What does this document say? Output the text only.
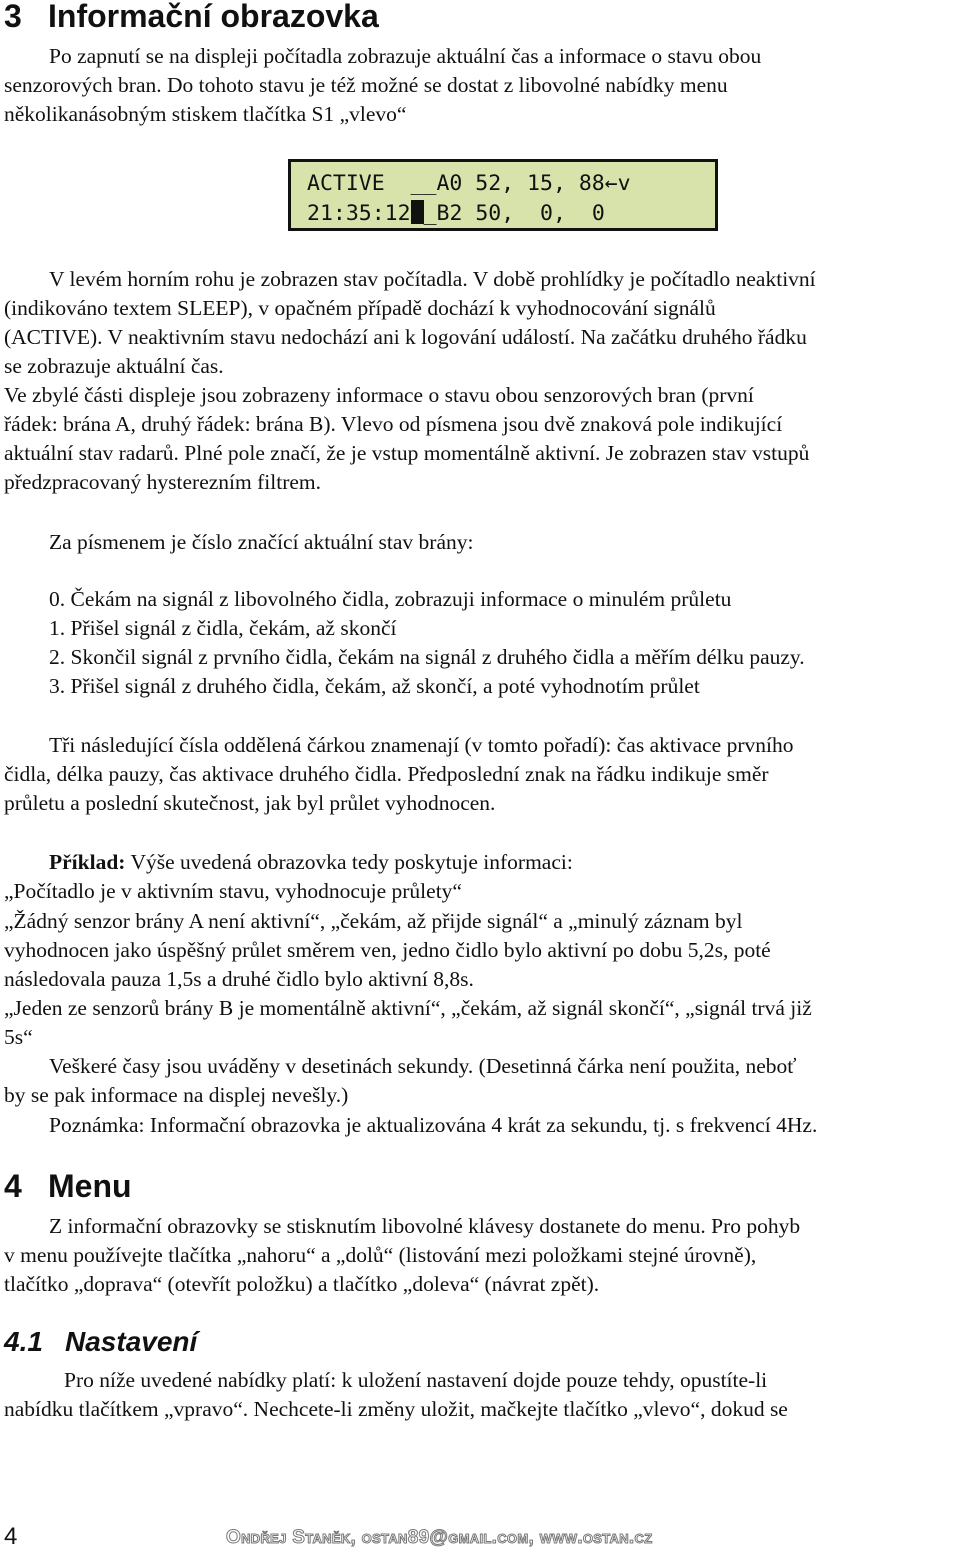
3 Informační obrazovka
Po zapnutí se na displeji počítadla zobrazuje aktuální čas a informace o stavu obou
senzorových bran. Do tohoto stavu je též možné se dostat z libovolné nabídky menu
několikanásobným stiskem tlačítka S1 „vlevo“
ACTIVE  __A0 52, 15, 88←v
21:35:12 _B2 50,  0,  0
V levém horním rohu je zobrazen stav počítadla. V době prohlídky je počítadlo neaktivní
(indikováno textem SLEEP), v opačném případě dochází k vyhodnocování signálů
(ACTIVE). V neaktivním stavu nedochází ani k logování událostí. Na začátku druhého řádku
se zobrazuje aktuální čas.
Ve zbylé části displeje jsou zobrazeny informace o stavu obou senzorových bran (první
řádek: brána A, druhý řádek: brána B). Vlevo od písmena jsou dvě znaková pole indikující
aktuální stav radarů. Plné pole značí, že je vstup momentálně aktivní. Je zobrazen stav vstupů
předzpracovaný hysterezním filtrem.
Za písmenem je číslo značící aktuální stav brány:
0. Čekám na signál z libovolného čidla, zobrazuji informace o minulém průletu
1. Přišel signál z čidla, čekám, až skončí
2. Skončil signál z prvního čidla, čekám na signál z druhého čidla a měřím délku pauzy.
3. Přišel signál z druhého čidla, čekám, až skončí, a poté vyhodnotím průlet
Tři následující čísla oddělená čárkou znamenají (v tomto pořadí): čas aktivace prvního
čidla, délka pauzy, čas aktivace druhého čidla. Předposlední znak na řádku indikuje směr
průletu a poslední skutečnost, jak byl průlet vyhodnocen.
Příklad: Výše uvedená obrazovka tedy poskytuje informaci:
„Počítadlo je v aktivním stavu, vyhodnocuje průlety“
„Žádný senzor brány A není aktivní“, „čekám, až přijde signál“ a „minulý záznam byl
vyhodnocen jako úspěšný průlet směrem ven, jedno čidlo bylo aktivní po dobu 5,2s, poté
následovala pauza 1,5s a druhé čidlo bylo aktivní 8,8s.
„Jeden ze senzorů brány B je momentálně aktivní“, „čekám, až signál skončí“, „signál trvá již
5s“
Veškeré časy jsou uváděny v desetinách sekundy. (Desetinná čárka není použita, neboť
by se pak informace na displej nevešly.)
Poznámka: Informační obrazovka je aktualizována 4 krát za sekundu, tj. s frekvencí 4Hz.
4 Menu
Z informační obrazovky se stisknutím libovolné klávesy dostanete do menu. Pro pohyb
v menu používejte tlačítka „nahoru“ a „dolů“ (listování mezi položkami stejné úrovně),
tlačítko „doprava“ (otevřít položku) a tlačítko „doleva“ (návrat zpět).
4.1 Nastavení
Pro níže uvedené nabídky platí: k uložení nastavení dojde pouze tehdy, opustíte-li
nabídku tlačítkem „vpravo“. Nechcete-li změny uložit, mačkejte tlačítko „vlevo“, dokud se
4	Ondřej Staněk, ostan89@gmail.com, www.ostan.cz
